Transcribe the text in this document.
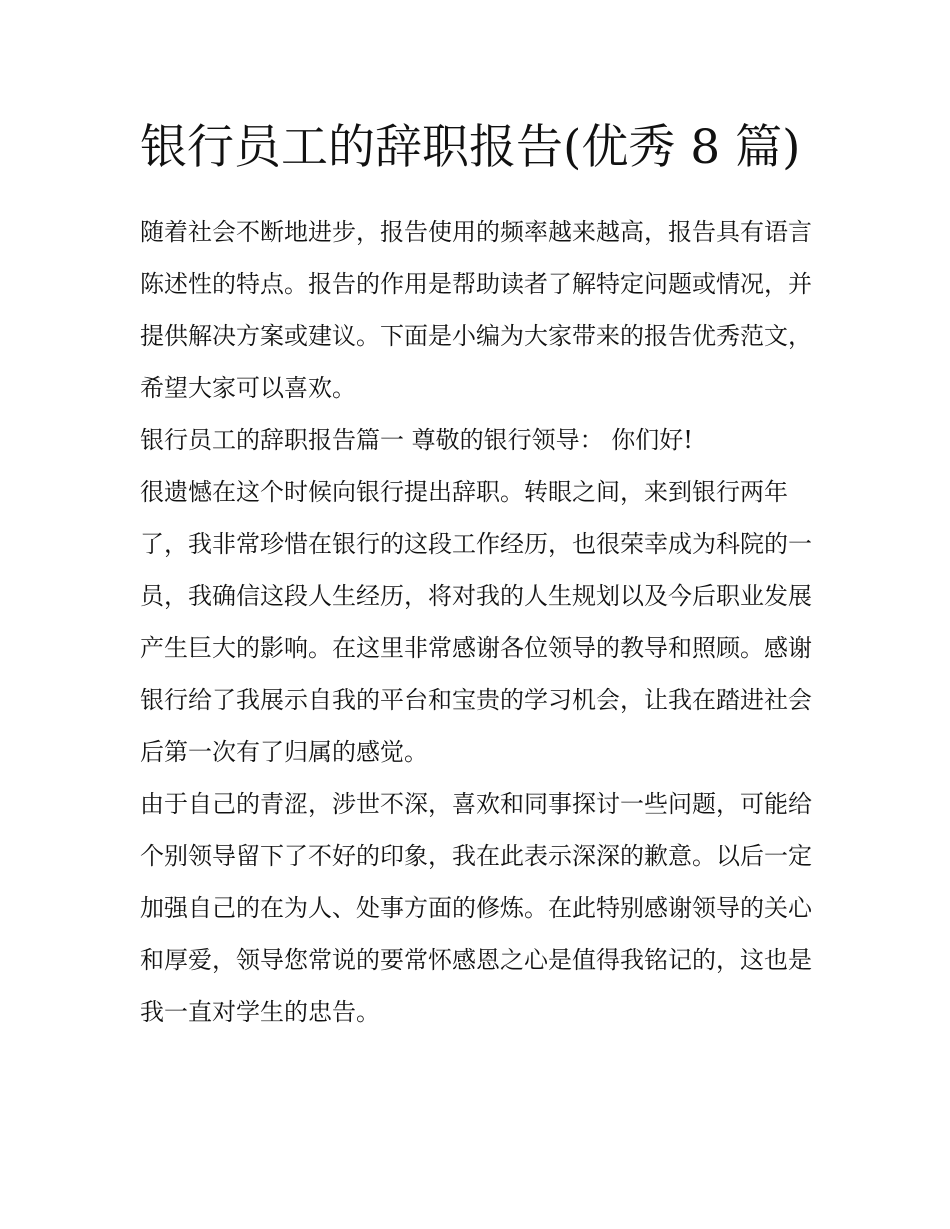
银行员工的辞职报告(优秀 8 篇)

随着社会不断地进步，报告使用的频率越来越高，报告具有语言陈述性的特点。报告的作用是帮助读者了解特定问题或情况，并提供解决方案或建议。下面是小编为大家带来的报告优秀范文，希望大家可以喜欢。

银行员工的辞职报告篇一 尊敬的银行领导： 你们好!

很遗憾在这个时候向银行提出辞职。转眼之间，来到银行两年了，我非常珍惜在银行的这段工作经历，也很荣幸成为科院的一员，我确信这段人生经历，将对我的人生规划以及今后职业发展产生巨大的影响。在这里非常感谢各位领导的教导和照顾。感谢银行给了我展示自我的平台和宝贵的学习机会，让我在踏进社会后第一次有了归属的感觉。

由于自己的青涩，涉世不深，喜欢和同事探讨一些问题，可能给个别领导留下了不好的印象，我在此表示深深的歉意。以后一定加强自己的在为人、处事方面的修炼。在此特别感谢领导的关心和厚爱，领导您常说的要常怀感恩之心是值得我铭记的，这也是我一直对学生的忠告。
